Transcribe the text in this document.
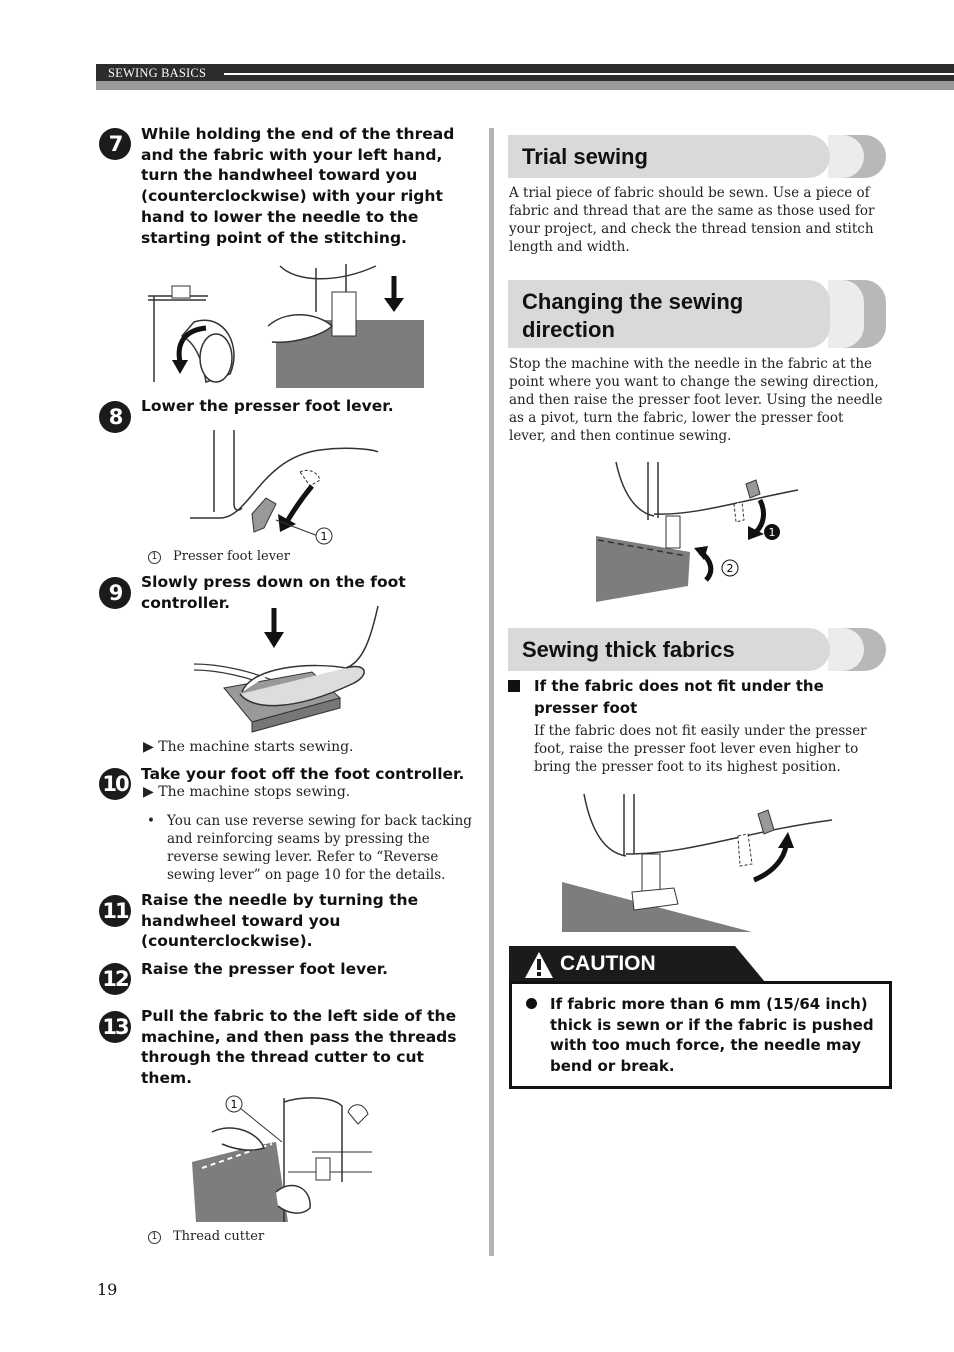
SEWING BASICS
7	While holding the end of the thread and the fabric with your left hand, turn the handwheel toward you (counterclockwise) with your right hand to lower the needle to the starting point of the stitching.
8	Lower the presser foot lever.
1
1 Presser foot lever
9	Slowly press down on the foot controller.
▶ The machine starts sewing.
10 Take your foot off the foot controller.
▶ The machine stops sewing.
• You can use reverse sewing for back tacking and reinforcing seams by pressing the reverse sewing lever. Refer to “Reverse sewing lever” on page 10 for the details.
11 Raise the needle by turning the handwheel toward you (counterclockwise).
12 Raise the presser foot lever.
13 Pull the fabric to the left side of the machine, and then pass the threads through the thread cutter to cut them.
1
1 Thread cutter
Trial sewing
A trial piece of fabric should be sewn. Use a piece of fabric and thread that are the same as those used for your project, and check the thread tension and stitch length and width.
Changing the sewing
direction
Stop the machine with the needle in the fabric at the point where you want to change the sewing direction, and then raise the presser foot lever. Using the needle as a pivot, turn the fabric, lower the presser foot lever, and then continue sewing.
1
2
Sewing thick fabrics
If the fabric does not fit under the presser foot
If the fabric does not fit easily under the presser foot, raise the presser foot lever even higher to bring the presser foot to its highest position.
CAUTION
If fabric more than 6 mm (15/64 inch) thick is sewn or if the fabric is pushed with too much force, the needle may bend or break.
19
